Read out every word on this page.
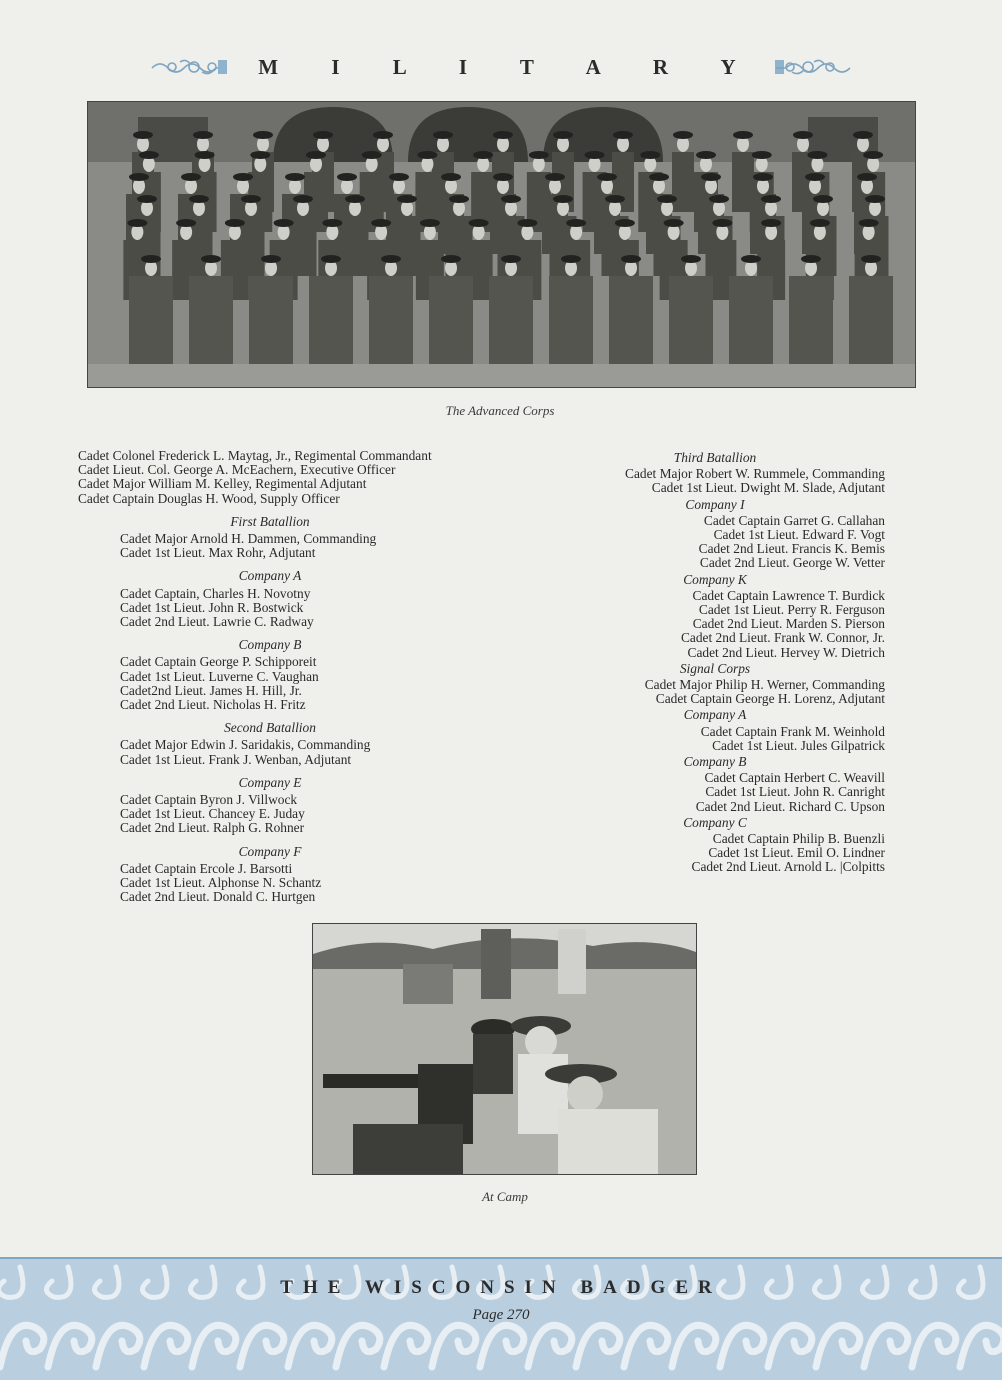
M I L I T A R Y
The Advanced Corps
Cadet Colonel Frederick L. Maytag, Jr., Regimental Commandant
Cadet Lieut. Col. George A. McEachern, Executive Officer
Cadet Major William M. Kelley, Regimental Adjutant
Cadet Captain Douglas H. Wood, Supply Officer
First Batallion
Cadet Major Arnold H. Dammen, Commanding
Cadet 1st Lieut. Max Rohr, Adjutant
Company A
Cadet Captain, Charles H. Novotny
Cadet 1st Lieut. John R. Bostwick
Cadet 2nd Lieut. Lawrie C. Radway
Company B
Cadet Captain George P. Schipporeit
Cadet 1st Lieut. Luverne C. Vaughan
Cadet2nd Lieut. James H. Hill, Jr.
Cadet 2nd Lieut. Nicholas H. Fritz
Second Batallion
Cadet Major Edwin J. Saridakis, Commanding
Cadet 1st Lieut. Frank J. Wenban, Adjutant
Company E
Cadet Captain Byron J. Villwock
Cadet 1st Lieut. Chancey E. Juday
Cadet 2nd Lieut. Ralph G. Rohner
Company F
Cadet Captain Ercole J. Barsotti
Cadet 1st Lieut. Alphonse N. Schantz
Cadet 2nd Lieut. Donald C. Hurtgen
Third Batallion
Cadet Major Robert W. Rummele, Commanding
Cadet 1st Lieut. Dwight M. Slade, Adjutant
Company I
Cadet Captain Garret G. Callahan
Cadet 1st Lieut. Edward F. Vogt
Cadet 2nd Lieut. Francis K. Bemis
Cadet 2nd Lieut. George W. Vetter
Company K
Cadet Captain Lawrence T. Burdick
Cadet 1st Lieut. Perry R. Ferguson
Cadet 2nd Lieut. Marden S. Pierson
Cadet 2nd Lieut. Frank W. Connor, Jr.
Cadet 2nd Lieut. Hervey W. Dietrich
Signal Corps
Cadet Major Philip H. Werner, Commanding
Cadet Captain George H. Lorenz, Adjutant
Company A
Cadet Captain Frank M. Weinhold
Cadet 1st Lieut. Jules Gilpatrick
Company B
Cadet Captain Herbert C. Weavill
Cadet 1st Lieut. John R. Canright
Cadet 2nd Lieut. Richard C. Upson
Company C
Cadet Captain Philip B. Buenzli
Cadet 1st Lieut. Emil O. Lindner
Cadet 2nd Lieut. Arnold L. |Colpitts
At Camp
THE WISCONSIN BADGER
Page 270
